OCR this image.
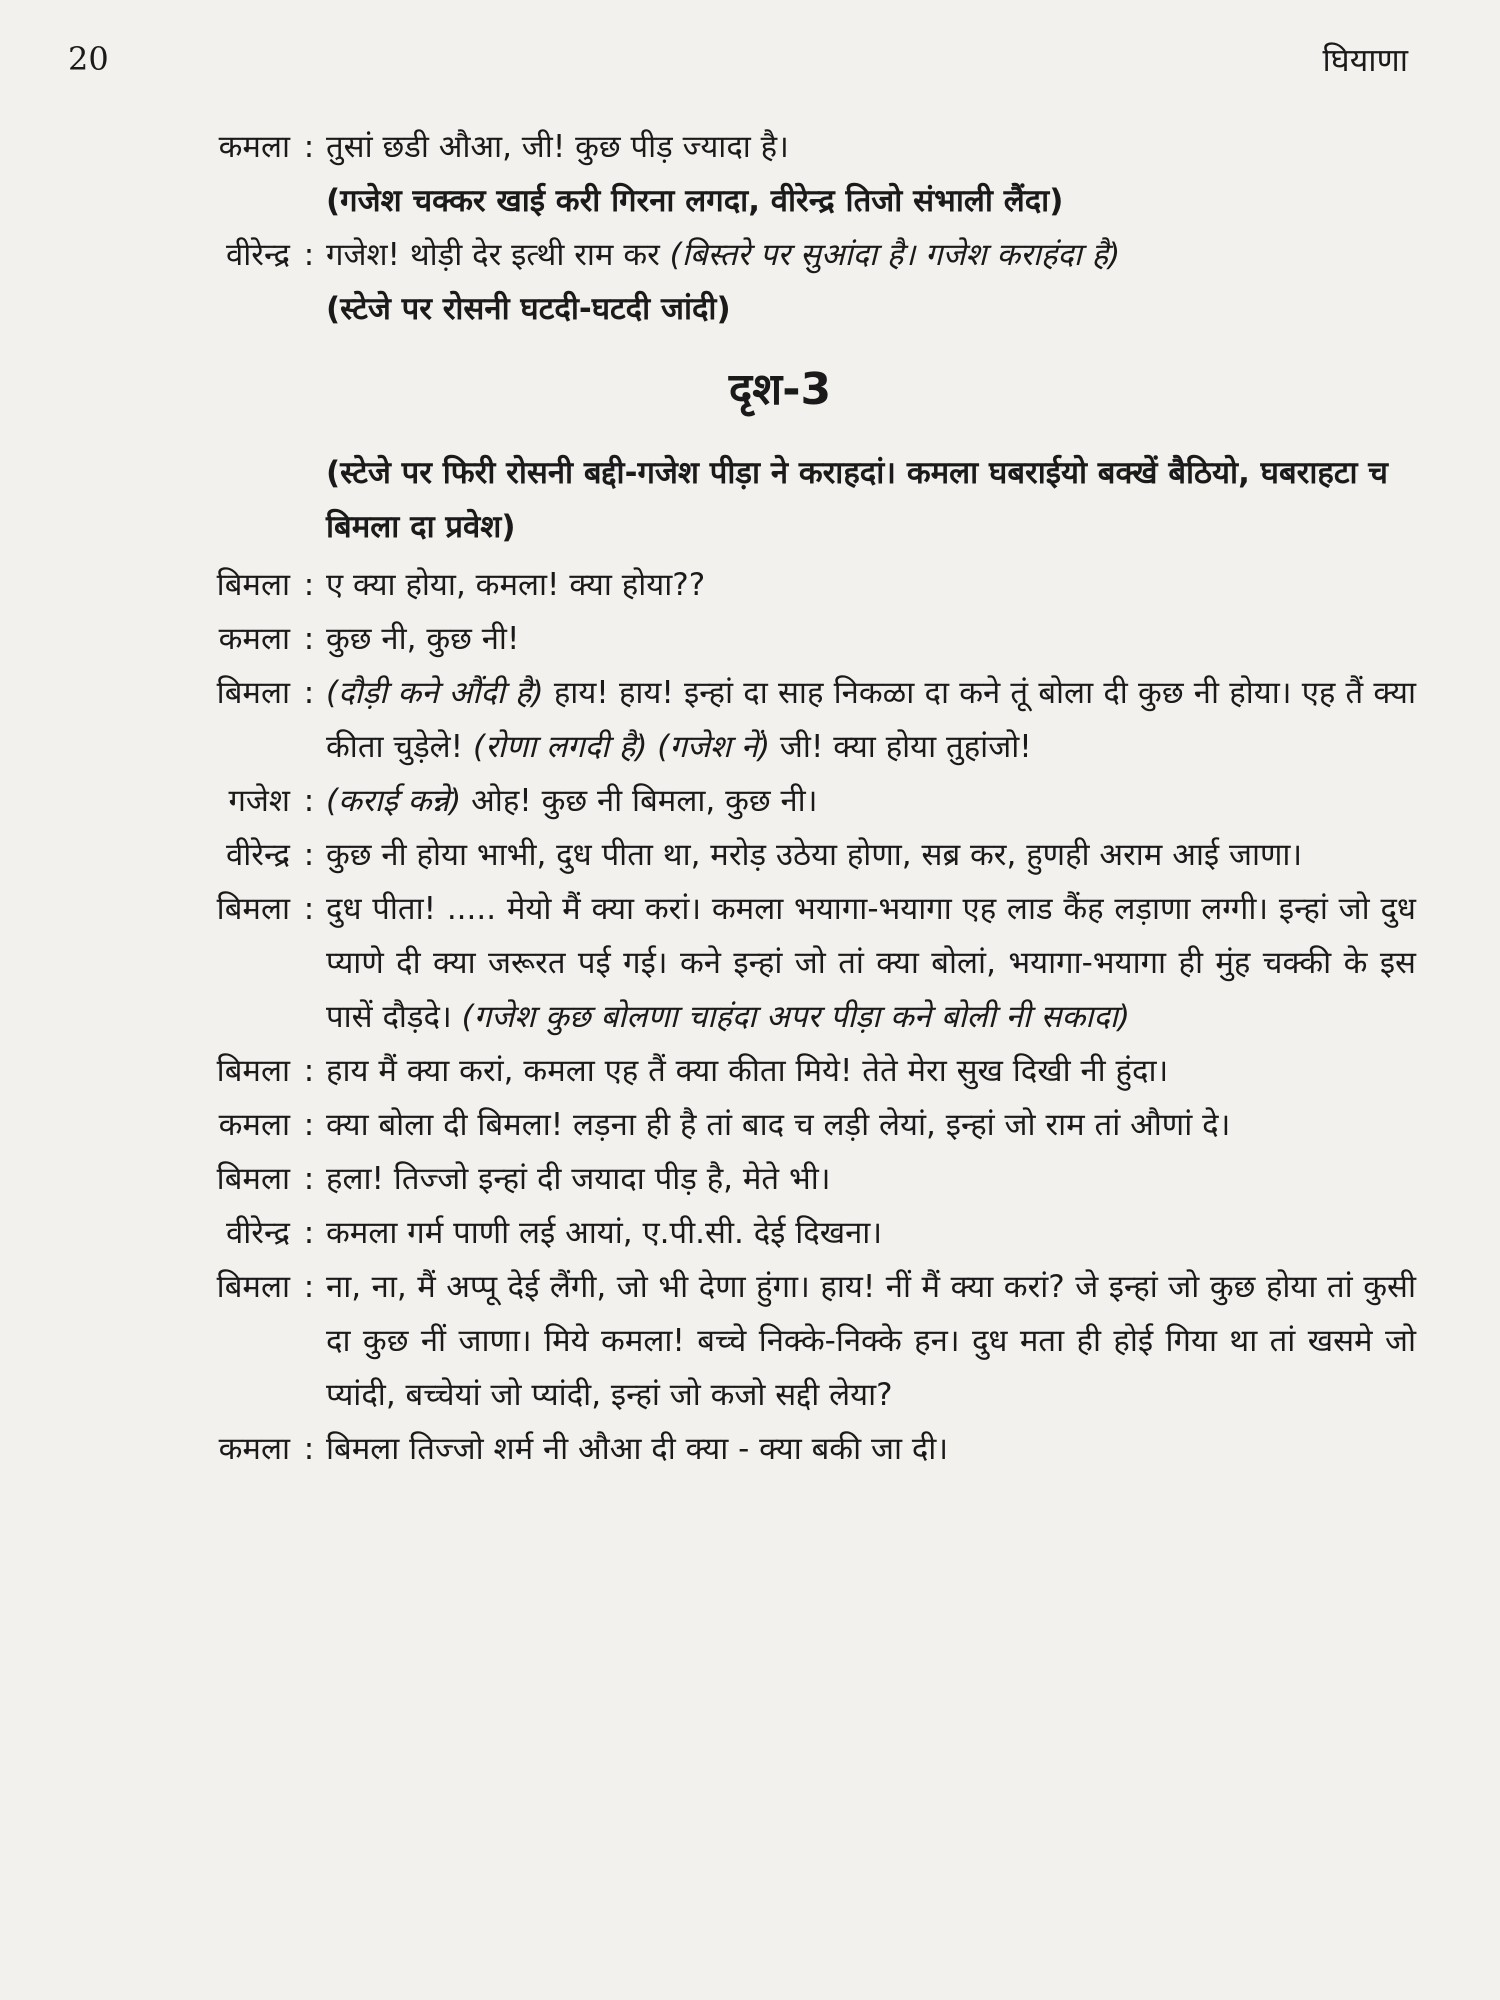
20	घियाणा
कमला : तुसां छडी औआ, जी! कुछ पीड़ ज्यादा है।
(गजेश चक्कर खाई करी गिरना लगदा, वीरेन्द्र तिजो संभाली लैंदा)
वीरेन्द्र : गजेश! थोड़ी देर इत्थी राम कर (बिस्तरे पर सुआंदा है। गजेश कराहंदा है)
(स्टेजे पर रोसनी घटदी-घटदी जांदी)
दृश-3
(स्टेजे पर फिरी रोसनी बद्दी-गजेश पीड़ा ने कराहदां। कमला घबराईयो बक्खें बैठियो, घबराहटा च बिमला दा प्रवेश)
बिमला : ए क्या होया, कमला! क्या होया??
कमला : कुछ नी, कुछ नी!
बिमला : (दौड़ी कने औंदी है) हाय! हाय! इन्हां दा साह निकळा दा कने तूं बोला दी कुछ नी होया। एह तैं क्या कीता चुड़ेले! (रोणा लगदी है) (गजेश नें) जी! क्या होया तुहांजो!
गजेश : (कराई कन्ने) ओह! कुछ नी बिमला, कुछ नी।
वीरेन्द्र : कुछ नी होया भाभी, दुध पीता था, मरोड़ उठेया होणा, सब्र कर, हुणही अराम आई जाणा।
बिमला : दुध पीता! ..... मेयो मैं क्या करां। कमला भयागा-भयागा एह लाड कैंह लड़ाणा लग्गी। इन्हां जो दुध प्याणे दी क्या जरूरत पई गई। कने इन्हां जो तां क्या बोलां, भयागा-भयागा ही मुंह चक्की के इस पासें दौड़दे। (गजेश कुछ बोलणा चाहंदा अपर पीड़ा कने बोली नी सकादा)
बिमला : हाय मैं क्या करां, कमला एह तैं क्या कीता मिये! तेते मेरा सुख दिखी नी हुंदा।
कमला : क्या बोला दी बिमला! लड़ना ही है तां बाद च लड़ी लेयां, इन्हां जो राम तां औणां दे।
बिमला : हला! तिज्जो इन्हां दी जयादा पीड़ है, मेते भी।
वीरेन्द्र : कमला गर्म पाणी लई आयां, ए.पी.सी. देई दिखना।
बिमला : ना, ना, मैं अप्पू देई लैंगी, जो भी देणा हुंगा। हाय! नीं मैं क्या करां? जे इन्हां जो कुछ होया तां कुसी दा कुछ नीं जाणा। मिये कमला! बच्चे निक्के-निक्के हन। दुध मता ही होई गिया था तां खसमे जो प्यांदी, बच्चेयां जो प्यांदी, इन्हां जो कजो सद्दी लेया?
कमला : बिमला तिज्जो शर्म नी औआ दी क्या - क्या बकी जा दी।
